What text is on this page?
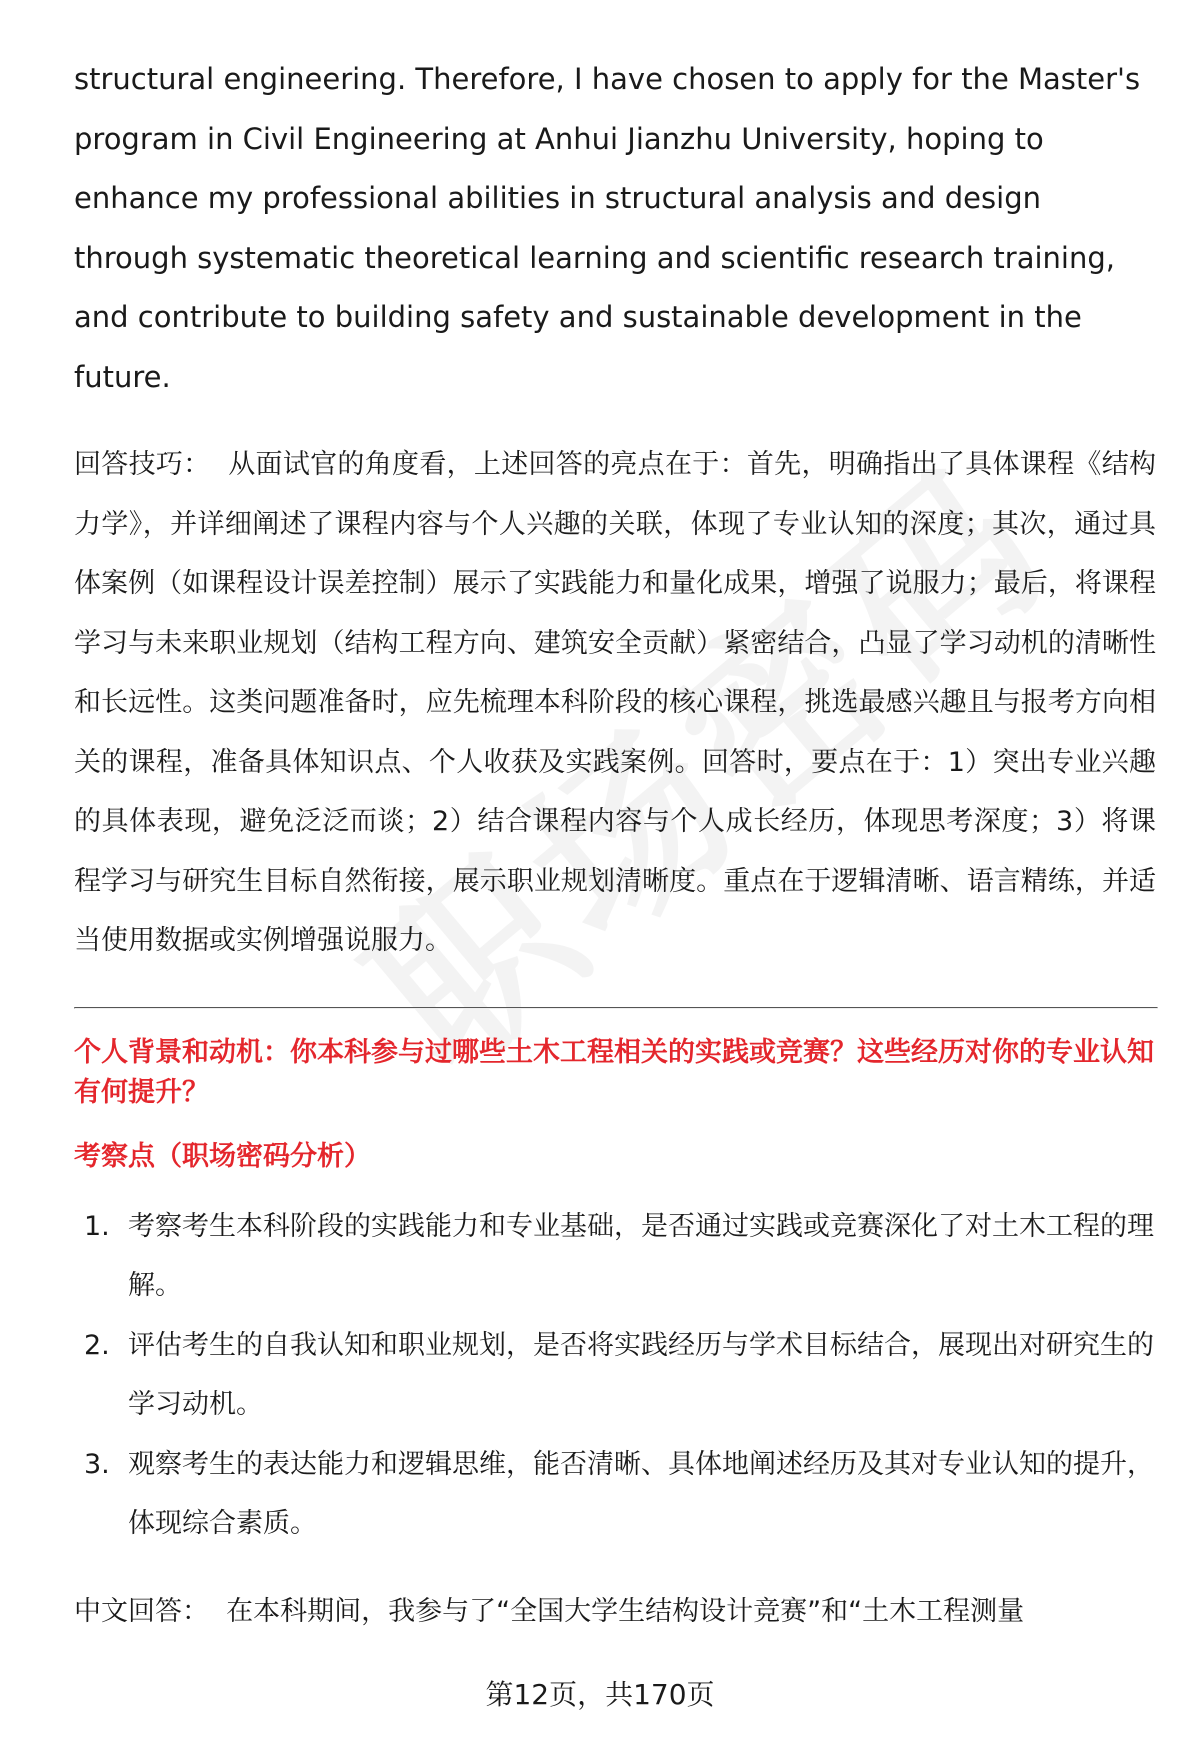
structural engineering. Therefore, I have chosen to apply for the Master's program in Civil Engineering at Anhui Jianzhu University, hoping to enhance my professional abilities in structural analysis and design through systematic theoretical learning and scientific research training, and contribute to building safety and sustainable development in the future.

回答技巧： 从面试官的角度看，上述回答的亮点在于：首先，明确指出了具体课程《结构力学》，并详细阐述了课程内容与个人兴趣的关联，体现了专业认知的深度；其次，通过具体案例（如课程设计误差控制）展示了实践能力和量化成果，增强了说服力；最后，将课程学习与未来职业规划（结构工程方向、建筑安全贡献）紧密结合，凸显了学习动机的清晰性和长远性。这类问题准备时，应先梳理本科阶段的核心课程，挑选最感兴趣且与报考方向相关的课程，准备具体知识点、个人收获及实践案例。回答时，要点在于：1）突出专业兴趣的具体表现，避免泛泛而谈；2）结合课程内容与个人成长经历，体现思考深度；3）将课程学习与研究生目标自然衔接，展示职业规划清晰度。重点在于逻辑清晰、语言精练，并适当使用数据或实例增强说服力。

个人背景和动机：你本科参与过哪些土木工程相关的实践或竞赛？这些经历对你的专业认知有何提升？

考察点（职场密码分析）

1. 考察考生本科阶段的实践能力和专业基础，是否通过实践或竞赛深化了对土木工程的理解。
2. 评估考生的自我认知和职业规划，是否将实践经历与学术目标结合，展现出对研究生的学习动机。
3. 观察考生的表达能力和逻辑思维，能否清晰、具体地阐述经历及其对专业认知的提升，体现综合素质。

中文回答： 在本科期间，我参与了“全国大学生结构设计竞赛”和“土木工程测量

第12页，共170页
